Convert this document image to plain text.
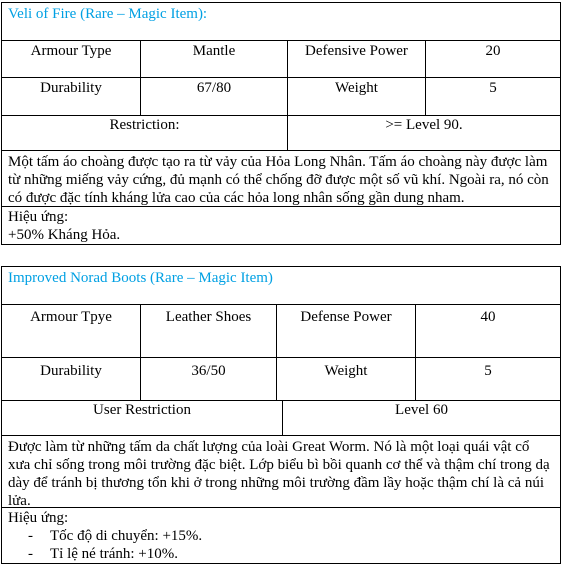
Veli of Fire (Rare – Magic Item):
Armour Type	Mantle	Defensive Power	20
Durability	67/80	Weight	5
Restriction:	>= Level 90.
Một tấm áo choàng được tạo ra từ vảy của Hỏa Long Nhân. Tấm áo choàng này được làm từ những miếng vảy cứng, đủ mạnh có thể chống đỡ được một số vũ khí. Ngoài ra, nó còn có được đặc tính kháng lửa cao của các hỏa long nhân sống gần dung nham.
Hiệu ứng:
+50% Kháng Hỏa.
Improved Norad Boots (Rare – Magic Item)
Armour Tpye	Leather Shoes	Defense Power	40
Durability	36/50	Weight	5
User Restriction	Level 60
Được làm từ những tấm da chất lượng của loài Great Worm. Nó là một loại quái vật cổ xưa chỉ sống trong môi trường đặc biệt. Lớp biểu bì bồi quanh cơ thể và thậm chí trong dạ dày để tránh bị thương tổn khi ở trong những môi trường đầm lầy hoặc thậm chí là cả núi lửa.
Hiệu ứng:
- Tốc độ di chuyển: +15%.
- Tỉ lệ né tránh: +10%.
